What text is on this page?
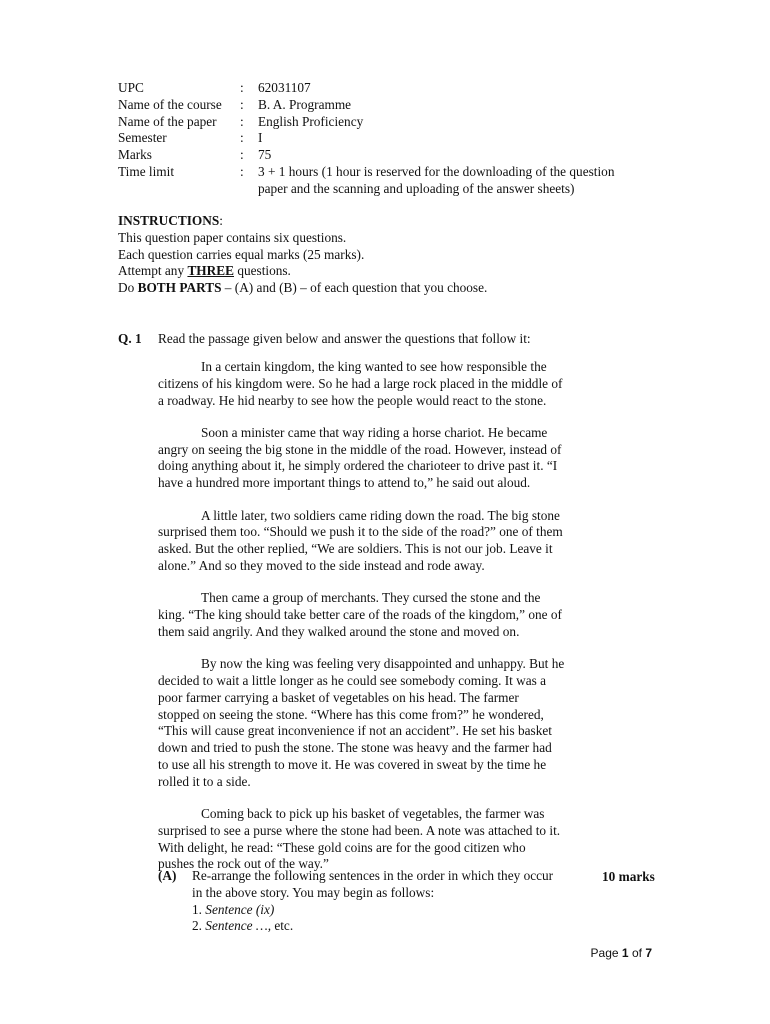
UPC	:	62031107
Name of the course	:	B. A. Programme
Name of the paper	:	English Proficiency
Semester	:	I
Marks	:	75
Time limit	:	3 + 1 hours (1 hour is reserved for the downloading of the question
paper and the scanning and uploading of the answer sheets)
INSTRUCTIONS:
This question paper contains six questions.
Each question carries equal marks (25 marks).
Attempt any THREE questions.
Do BOTH PARTS – (A) and (B) – of each question that you choose.
Q. 1	Read the passage given below and answer the questions that follow it:
In a certain kingdom, the king wanted to see how responsible the
citizens of his kingdom were. So he had a large rock placed in the middle of
a roadway. He hid nearby to see how the people would react to the stone.
Soon a minister came that way riding a horse chariot. He became
angry on seeing the big stone in the middle of the road. However, instead of
doing anything about it, he simply ordered the charioteer to drive past it. “I
have a hundred more important things to attend to,” he said out aloud.
A little later, two soldiers came riding down the road. The big stone
surprised them too. “Should we push it to the side of the road?” one of them
asked. But the other replied, “We are soldiers. This is not our job. Leave it
alone.” And so they moved to the side instead and rode away.
Then came a group of merchants. They cursed the stone and the
king. “The king should take better care of the roads of the kingdom,” one of
them said angrily. And they walked around the stone and moved on.
By now the king was feeling very disappointed and unhappy. But he
decided to wait a little longer as he could see somebody coming. It was a
poor farmer carrying a basket of vegetables on his head. The farmer
stopped on seeing the stone. “Where has this come from?” he wondered,
“This will cause great inconvenience if not an accident”. He set his basket
down and tried to push the stone. The stone was heavy and the farmer had
to use all his strength to move it. He was covered in sweat by the time he
rolled it to a side.
Coming back to pick up his basket of vegetables, the farmer was
surprised to see a purse where the stone had been. A note was attached to it.
With delight, he read: “These gold coins are for the good citizen who
pushes the rock out of the way.”
(A)	Re-arrange the following sentences in the order in which they occur
in the above story. You may begin as follows:
1. Sentence (ix)
2. Sentence …, etc.
10 marks
Page 1 of 7
